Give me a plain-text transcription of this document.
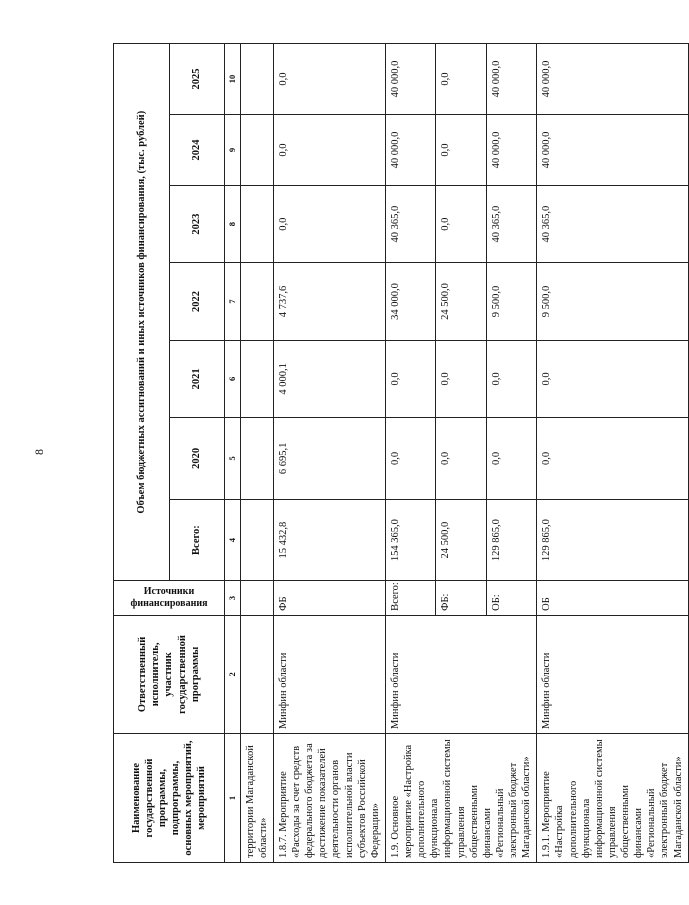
8
Наименование государственной программы, подпрограммы, основных мероприятий, мероприятий	Ответственный исполнитель, участник государственной программы	Источники финансирования	Объем бюджетных ассигнований и иных источников финансирования, (тыс. рублей)						
			Всего:	2020	2021	2022	2023	2024	2025
1	2	3	4	5	6	7	8	9	10
территории Магаданской области»									
1.8.7. Мероприятие «Расходы за счет средств федерального бюджета за достижение показателей деятельности органов исполнительной власти субъектов Российской Федерации»	Минфин области	ФБ	15 432,8	6 695,1	4 000,1	4 737,6	0,0	0,0	0,0
1.9. Основное мероприятие «Настройка дополнительного функционала информационной системы управления общественными финансами «Региональный электронный бюджет Магаданской области»	Минфин области	Всего:	154 365,0	0,0	0,0	34 000,0	40 365,0	40 000,0	40 000,0
		ФБ:	24 500,0	0,0	0,0	24 500,0	0,0	0,0	0,0
		ОБ:	129 865,0	0,0	0,0	9 500,0	40 365,0	40 000,0	40 000,0
1.9.1. Мероприятие «Настройка дополнительного функционала информационной системы управления общественными финансами «Региональный электронный бюджет Магаданской области»	Минфин области	ОБ	129 865,0	0,0	0,0	9 500,0	40 365,0	40 000,0	40 000,0
